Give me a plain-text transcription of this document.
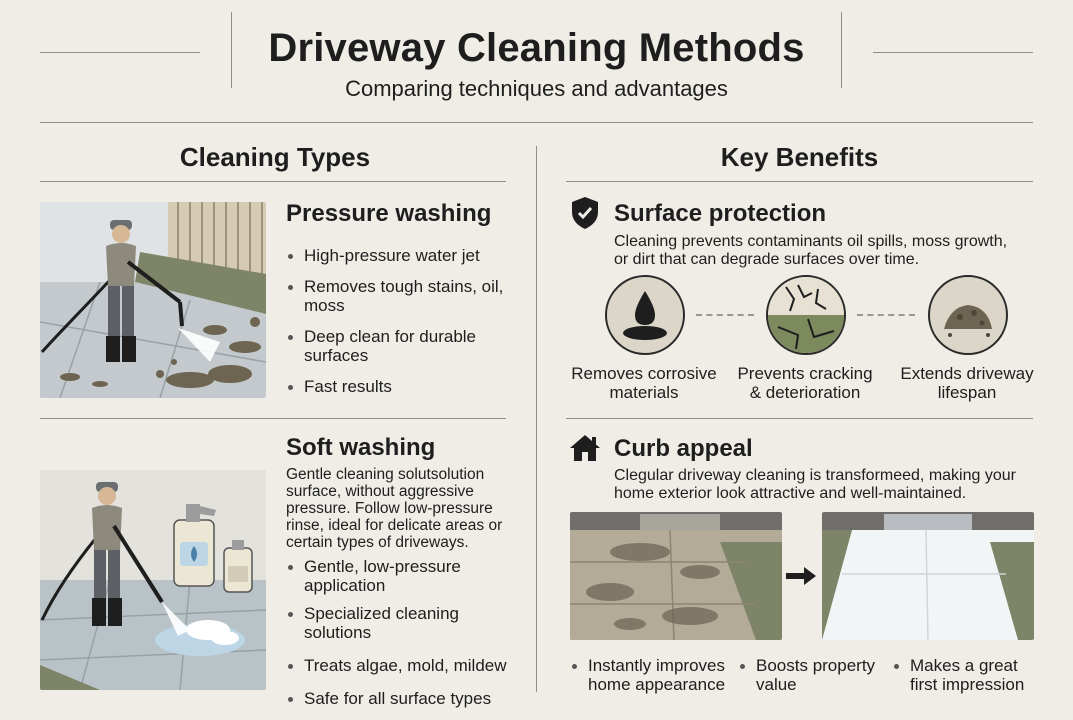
Driveway Cleaning Methods
Comparing techniques and advantages
Cleaning Types
Pressure washing
High-pressure water jet
Removes tough stains, oil, moss
Deep clean for durable surfaces
Fast results
Soft washing
Gentle cleaning solutsolution surface, without aggressive pressure. Follow low-pressure rinse, ideal for delicate areas or certain types of driveways.
Gentle, low-pressure application
Specialized cleaning solutions
Treats algae, mold, mildew
Safe for all surface types
Key Benefits
Surface protection
Cleaning prevents contaminants oil spills, moss growth, or dirt that can degrade surfaces over time.
Removes corrosive materials
Prevents cracking & deterioration
Extends driveway lifespan
Curb appeal
Clegular driveway cleaning is transformeed, making your home exterior look attractive and well-maintained.
Instantly improves home appearance
Boosts property value
Makes a great first impression
